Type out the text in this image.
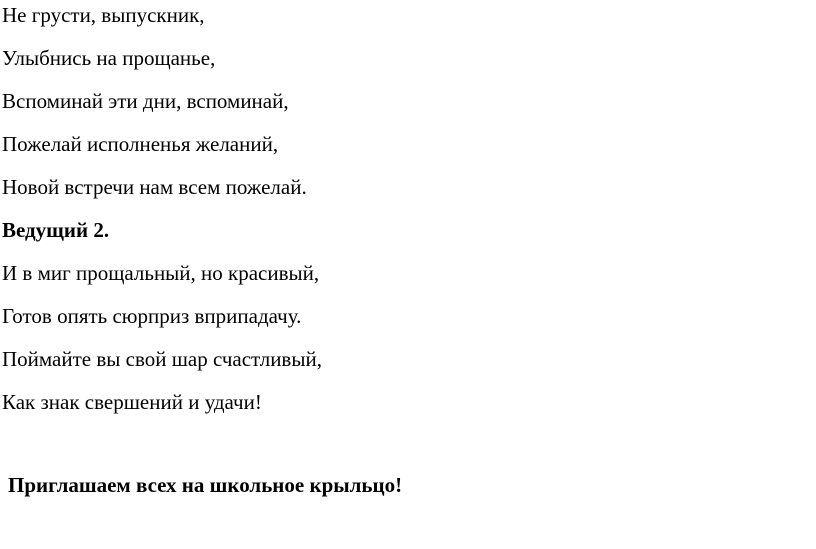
Не грусти, выпускник,
Улыбнись на прощанье,
Вспоминай эти дни, вспоминай,
Пожелай исполненья желаний,
Новой встречи нам всем пожелай.
Ведущий 2.
И в миг прощальный, но красивый,
Готов опять сюрприз вприпадачу.
Поймайте вы свой шар счастливый,
Как знак свершений и удачи!
Приглашаем всех на школьное крыльцо!
